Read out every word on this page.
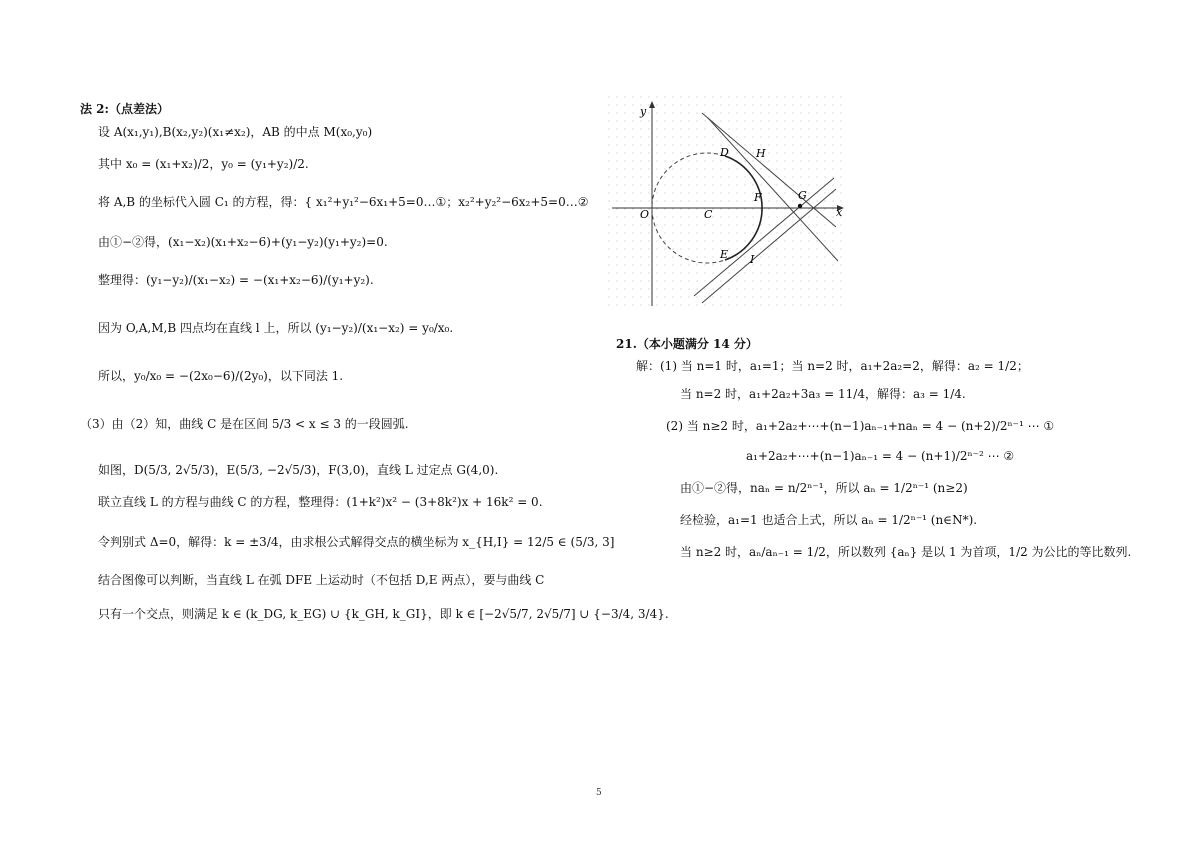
法 2:（点差法）
设 A(x₁,y₁),B(x₂,y₂)(x₁≠x₂)，AB 的中点 M(x₀,y₀)
其中 x₀ = (x₁+x₂)/2，y₀ = (y₁+y₂)/2.
将 A,B 的坐标代入圆 C₁ 的方程，得：{ x₁²+y₁²−6x₁+5=0…①；x₂²+y₂²−6x₂+5=0…②
由①−②得，(x₁−x₂)(x₁+x₂−6)+(y₁−y₂)(y₁+y₂)=0.
整理得：(y₁−y₂)/(x₁−x₂) = −(x₁+x₂−6)/(y₁+y₂).
因为 O,A,M,B 四点均在直线 l 上，所以 (y₁−y₂)/(x₁−x₂) = y₀/x₀.
所以，y₀/x₀ = −(2x₀−6)/(2y₀)，以下同法 1.
（3）由（2）知，曲线 C 是在区间 5/3 < x ≤ 3 的一段圆弧.
如图，D(5/3, 2√5/3)，E(5/3, −2√5/3)，F(3,0)，直线 L 过定点 G(4,0).
联立直线 L 的方程与曲线 C 的方程，整理得：(1+k²)x² − (3+8k²)x + 16k² = 0.
令判别式 Δ=0，解得：k = ±3/4，由求根公式解得交点的横坐标为 x_{H,I} = 12/5 ∈ (5/3, 3]
结合图像可以判断，当直线 L 在弧 DFE 上运动时（不包括 D,E 两点），要与曲线 C
只有一个交点，则满足 k ∈ (k_DG, k_EG) ∪ {k_GH, k_GI}，即 k ∈ [−2√5/7, 2√5/7] ∪ {−3/4, 3/4}.
y
x
O	C
D H
F	G
E I
21.（本小题满分 14 分）
解：(1) 当 n=1 时，a₁=1；当 n=2 时，a₁+2a₂=2，解得：a₂ = 1/2；
当 n=2 时，a₁+2a₂+3a₃ = 11/4，解得：a₃ = 1/4.
(2) 当 n≥2 时，a₁+2a₂+⋯+(n−1)aₙ₋₁+naₙ = 4 − (n+2)/2ⁿ⁻¹ ⋯ ①
a₁+2a₂+⋯+(n−1)aₙ₋₁ = 4 − (n+1)/2ⁿ⁻² ⋯ ②
由①−②得，naₙ = n/2ⁿ⁻¹，所以 aₙ = 1/2ⁿ⁻¹ (n≥2)
经检验，a₁=1 也适合上式，所以 aₙ = 1/2ⁿ⁻¹ (n∈N*).
当 n≥2 时，aₙ/aₙ₋₁ = 1/2，所以数列 {aₙ} 是以 1 为首项，1/2 为公比的等比数列.
5
